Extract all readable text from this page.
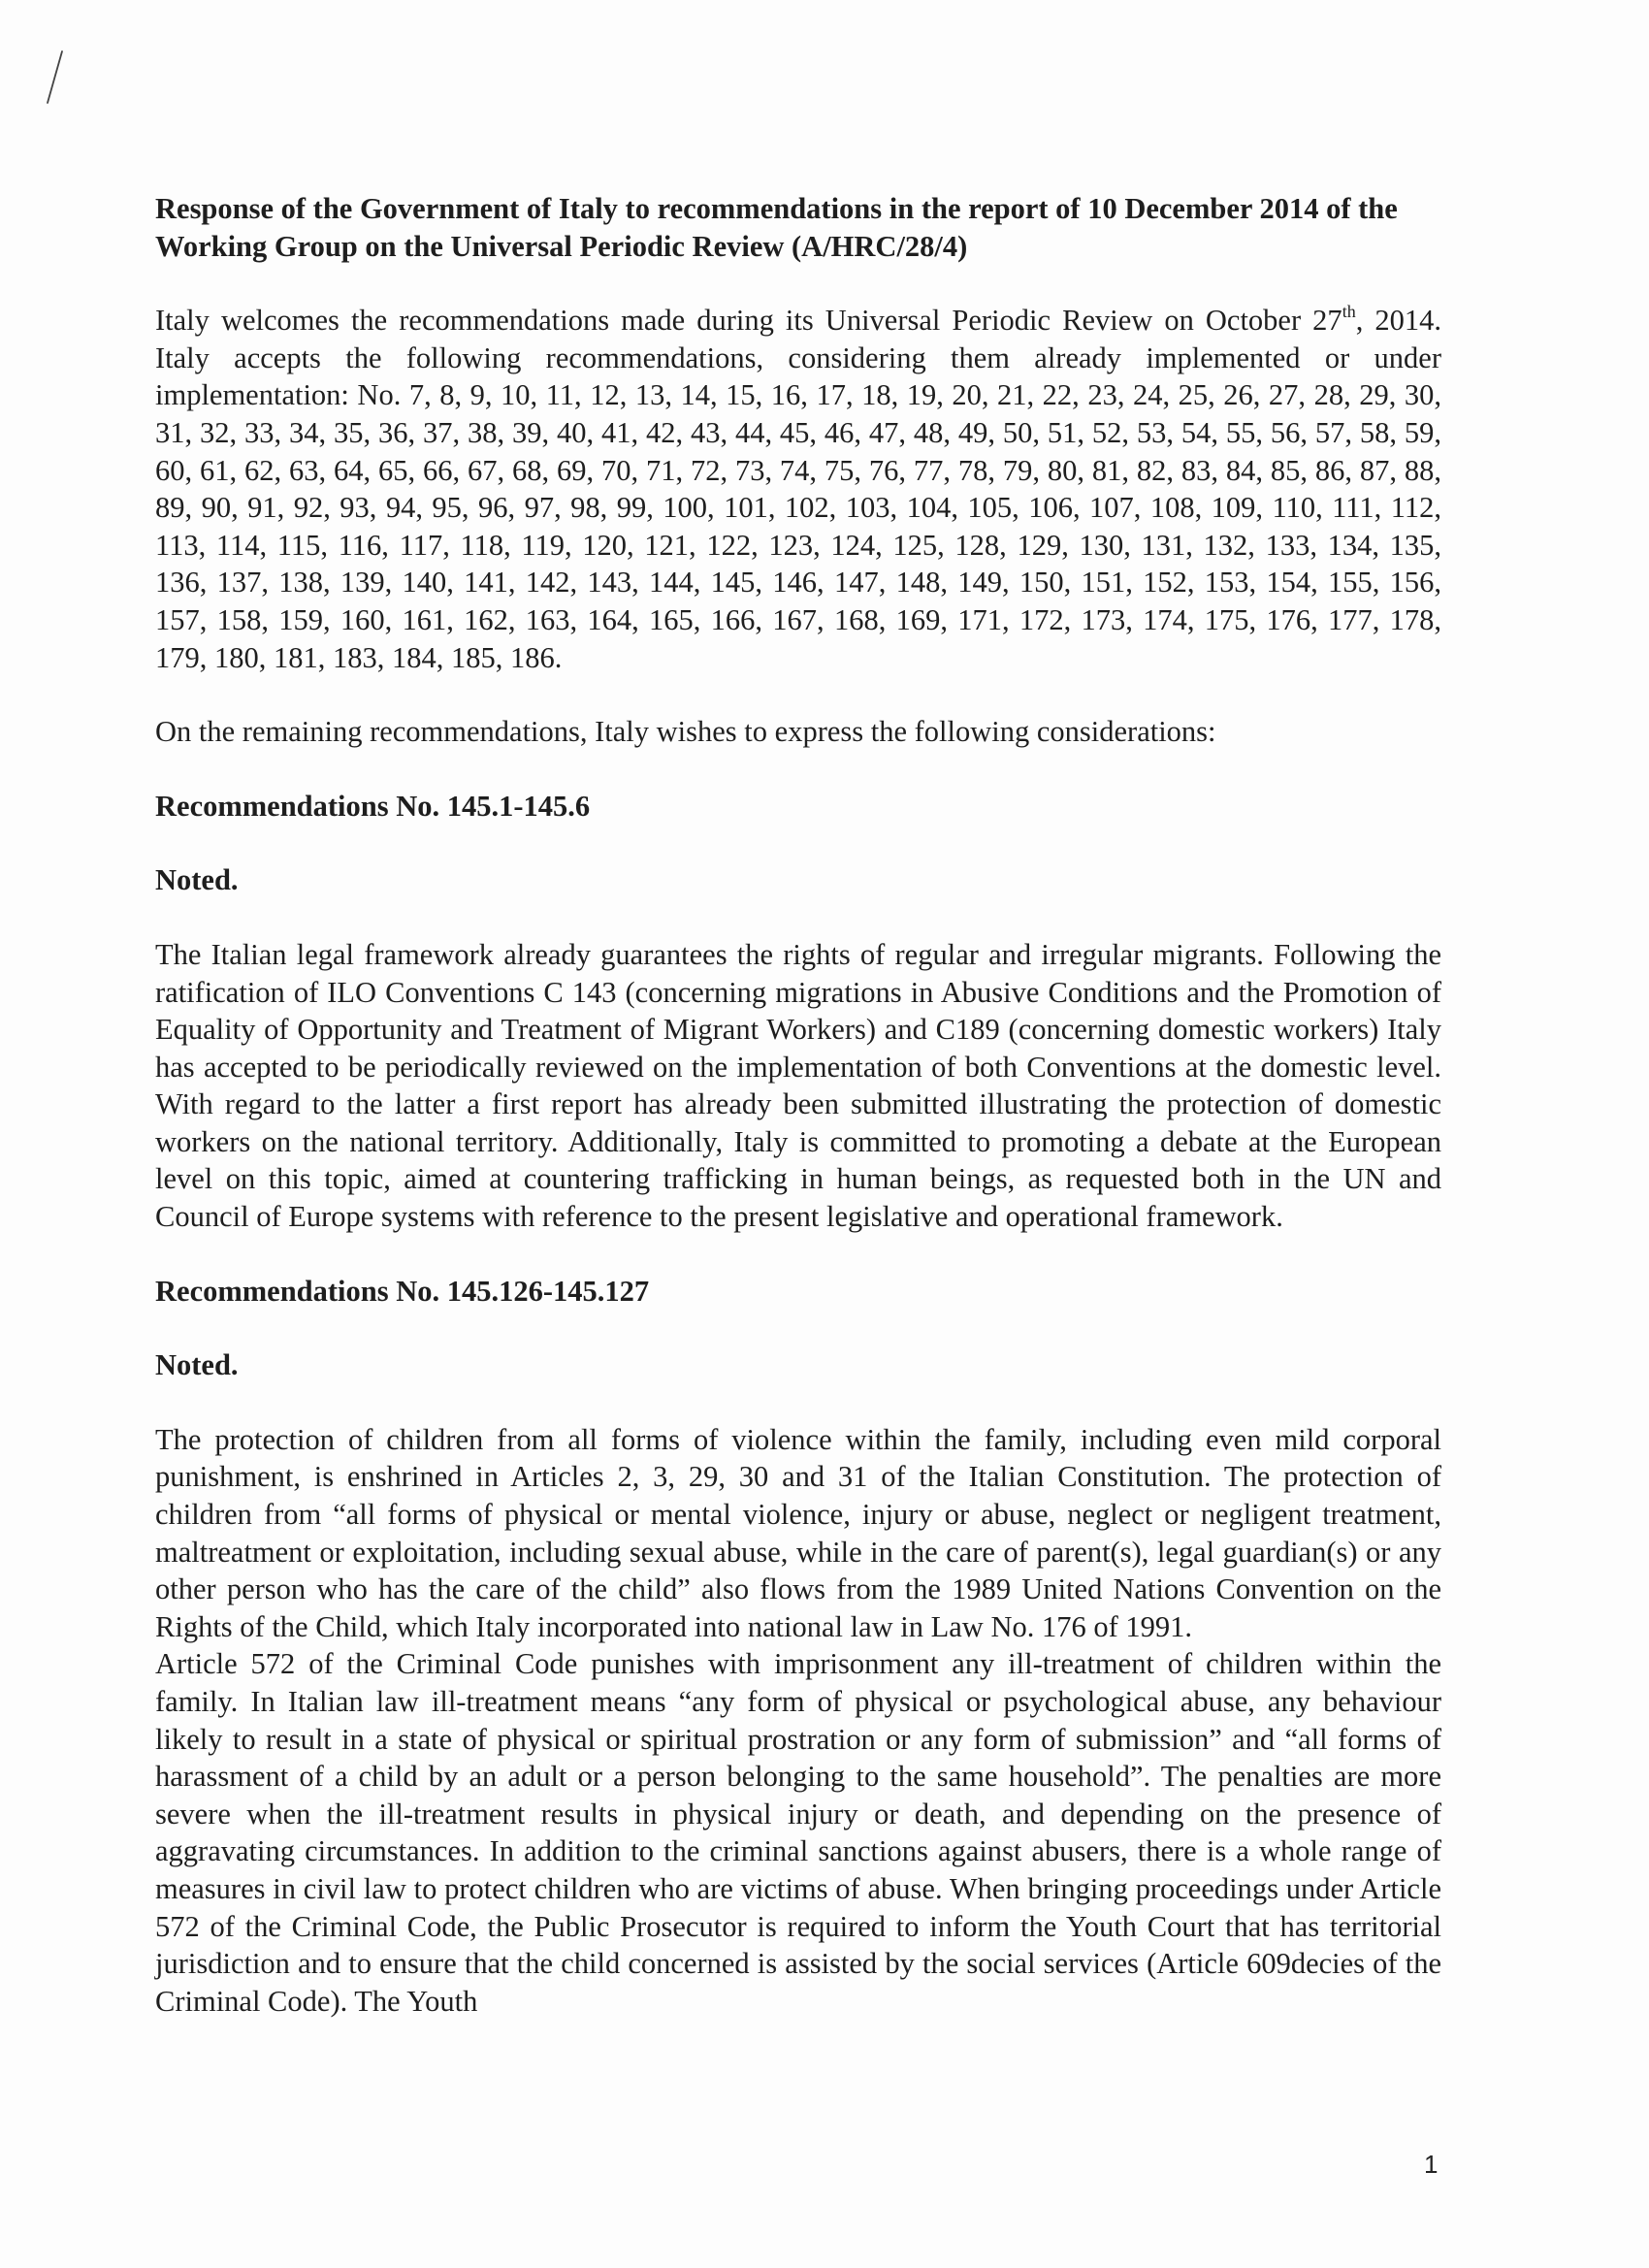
Response of the Government of Italy to recommendations in the report of 10 December 2014 of the Working Group on the Universal Periodic Review (A/HRC/28/4)

Italy welcomes the recommendations made during its Universal Periodic Review on October 27th, 2014. Italy accepts the following recommendations, considering them already implemented or under implementation: No. 7, 8, 9, 10, 11, 12, 13, 14, 15, 16, 17, 18, 19, 20, 21, 22, 23, 24, 25, 26, 27, 28, 29, 30, 31, 32, 33, 34, 35, 36, 37, 38, 39, 40, 41, 42, 43, 44, 45, 46, 47, 48, 49, 50, 51, 52, 53, 54, 55, 56, 57, 58, 59, 60, 61, 62, 63, 64, 65, 66, 67, 68, 69, 70, 71, 72, 73, 74, 75, 76, 77, 78, 79, 80, 81, 82, 83, 84, 85, 86, 87, 88, 89, 90, 91, 92, 93, 94, 95, 96, 97, 98, 99, 100, 101, 102, 103, 104, 105, 106, 107, 108, 109, 110, 111, 112, 113, 114, 115, 116, 117, 118, 119, 120, 121, 122, 123, 124, 125, 128, 129, 130, 131, 132, 133, 134, 135, 136, 137, 138, 139, 140, 141, 142, 143, 144, 145, 146, 147, 148, 149, 150, 151, 152, 153, 154, 155, 156, 157, 158, 159, 160, 161, 162, 163, 164, 165, 166, 167, 168, 169, 171, 172, 173, 174, 175, 176, 177, 178, 179, 180, 181, 183, 184, 185, 186.

On the remaining recommendations, Italy wishes to express the following considerations:

Recommendations No. 145.1-145.6

Noted.

The Italian legal framework already guarantees the rights of regular and irregular migrants. Following the ratification of ILO Conventions C 143 (concerning migrations in Abusive Conditions and the Promotion of Equality of Opportunity and Treatment of Migrant Workers) and C189 (concerning domestic workers) Italy has accepted to be periodically reviewed on the implementation of both Conventions at the domestic level. With regard to the latter a first report has already been submitted illustrating the protection of domestic workers on the national territory. Additionally, Italy is committed to promoting a debate at the European level on this topic, aimed at countering trafficking in human beings, as requested both in the UN and Council of Europe systems with reference to the present legislative and operational framework.

Recommendations No. 145.126-145.127

Noted.

The protection of children from all forms of violence within the family, including even mild corporal punishment, is enshrined in Articles 2, 3, 29, 30 and 31 of the Italian Constitution. The protection of children from “all forms of physical or mental violence, injury or abuse, neglect or negligent treatment, maltreatment or exploitation, including sexual abuse, while in the care of parent(s), legal guardian(s) or any other person who has the care of the child” also flows from the 1989 United Nations Convention on the Rights of the Child, which Italy incorporated into national law in Law No. 176 of 1991.

Article 572 of the Criminal Code punishes with imprisonment any ill-treatment of children within the family. In Italian law ill-treatment means “any form of physical or psychological abuse, any behaviour likely to result in a state of physical or spiritual prostration or any form of submission” and “all forms of harassment of a child by an adult or a person belonging to the same household”. The penalties are more severe when the ill-treatment results in physical injury or death, and depending on the presence of aggravating circumstances. In addition to the criminal sanctions against abusers, there is a whole range of measures in civil law to protect children who are victims of abuse. When bringing proceedings under Article 572 of the Criminal Code, the Public Prosecutor is required to inform the Youth Court that has territorial jurisdiction and to ensure that the child concerned is assisted by the social services (Article 609decies of the Criminal Code). The Youth

1
